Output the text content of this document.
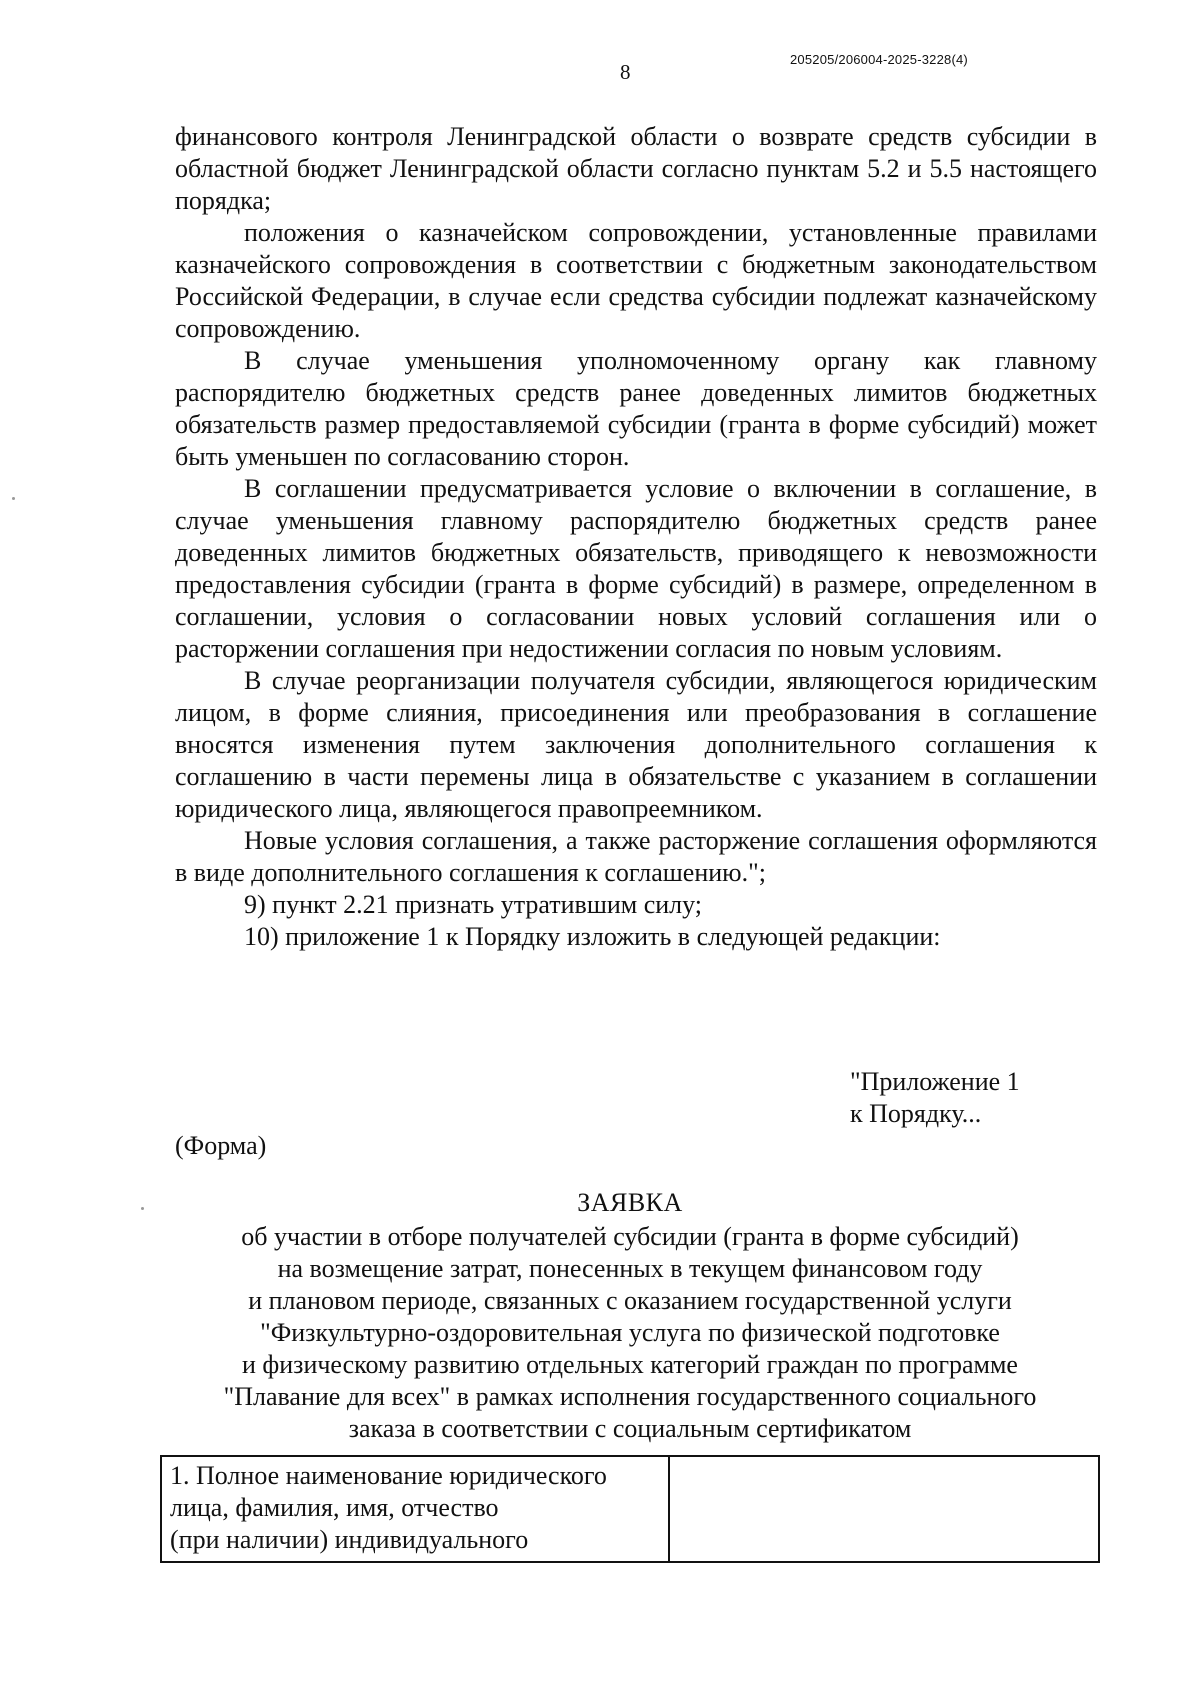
8
205205/206004-2025-3228(4)

финансового контроля Ленинградской области о возврате средств субсидии в областной бюджет Ленинградской области согласно пунктам 5.2 и 5.5 настоящего порядка;

положения о казначейском сопровождении, установленные правилами казначейского сопровождения в соответствии с бюджетным законодательством Российской Федерации, в случае если средства субсидии подлежат казначейскому сопровождению.

В случае уменьшения уполномоченному органу как главному распорядителю бюджетных средств ранее доведенных лимитов бюджетных обязательств размер предоставляемой субсидии (гранта в форме субсидий) может быть уменьшен по согласованию сторон.

В соглашении предусматривается условие о включении в соглашение, в случае уменьшения главному распорядителю бюджетных средств ранее доведенных лимитов бюджетных обязательств, приводящего к невозможности предоставления субсидии (гранта в форме субсидий) в размере, определенном в соглашении, условия о согласовании новых условий соглашения или о расторжении соглашения при недостижении согласия по новым условиям.

В случае реорганизации получателя субсидии, являющегося юридическим лицом, в форме слияния, присоединения или преобразования в соглашение вносятся изменения путем заключения дополнительного соглашения к соглашению в части перемены лица в обязательстве с указанием в соглашении юридического лица, являющегося правопреемником.

Новые условия соглашения, а также расторжение соглашения оформляются в виде дополнительного соглашения к соглашению.";

9) пункт 2.21 признать утратившим силу;

10) приложение 1 к Порядку изложить в следующей редакции:

"Приложение 1
к Порядку...
(Форма)
ЗАЯВКА
об участии в отборе получателей субсидии (гранта в форме субсидий)
на возмещение затрат, понесенных в текущем финансовом году
и плановом периоде, связанных с оказанием государственной услуги
"Физкультурно-оздоровительная услуга по физической подготовке
и физическому развитию отдельных категорий граждан по программе
"Плавание для всех" в рамках исполнения государственного социального
заказа в соответствии с социальным сертификатом
1. Полное наименование юридического
лица, фамилия, имя, отчество
(при наличии) индивидуального
